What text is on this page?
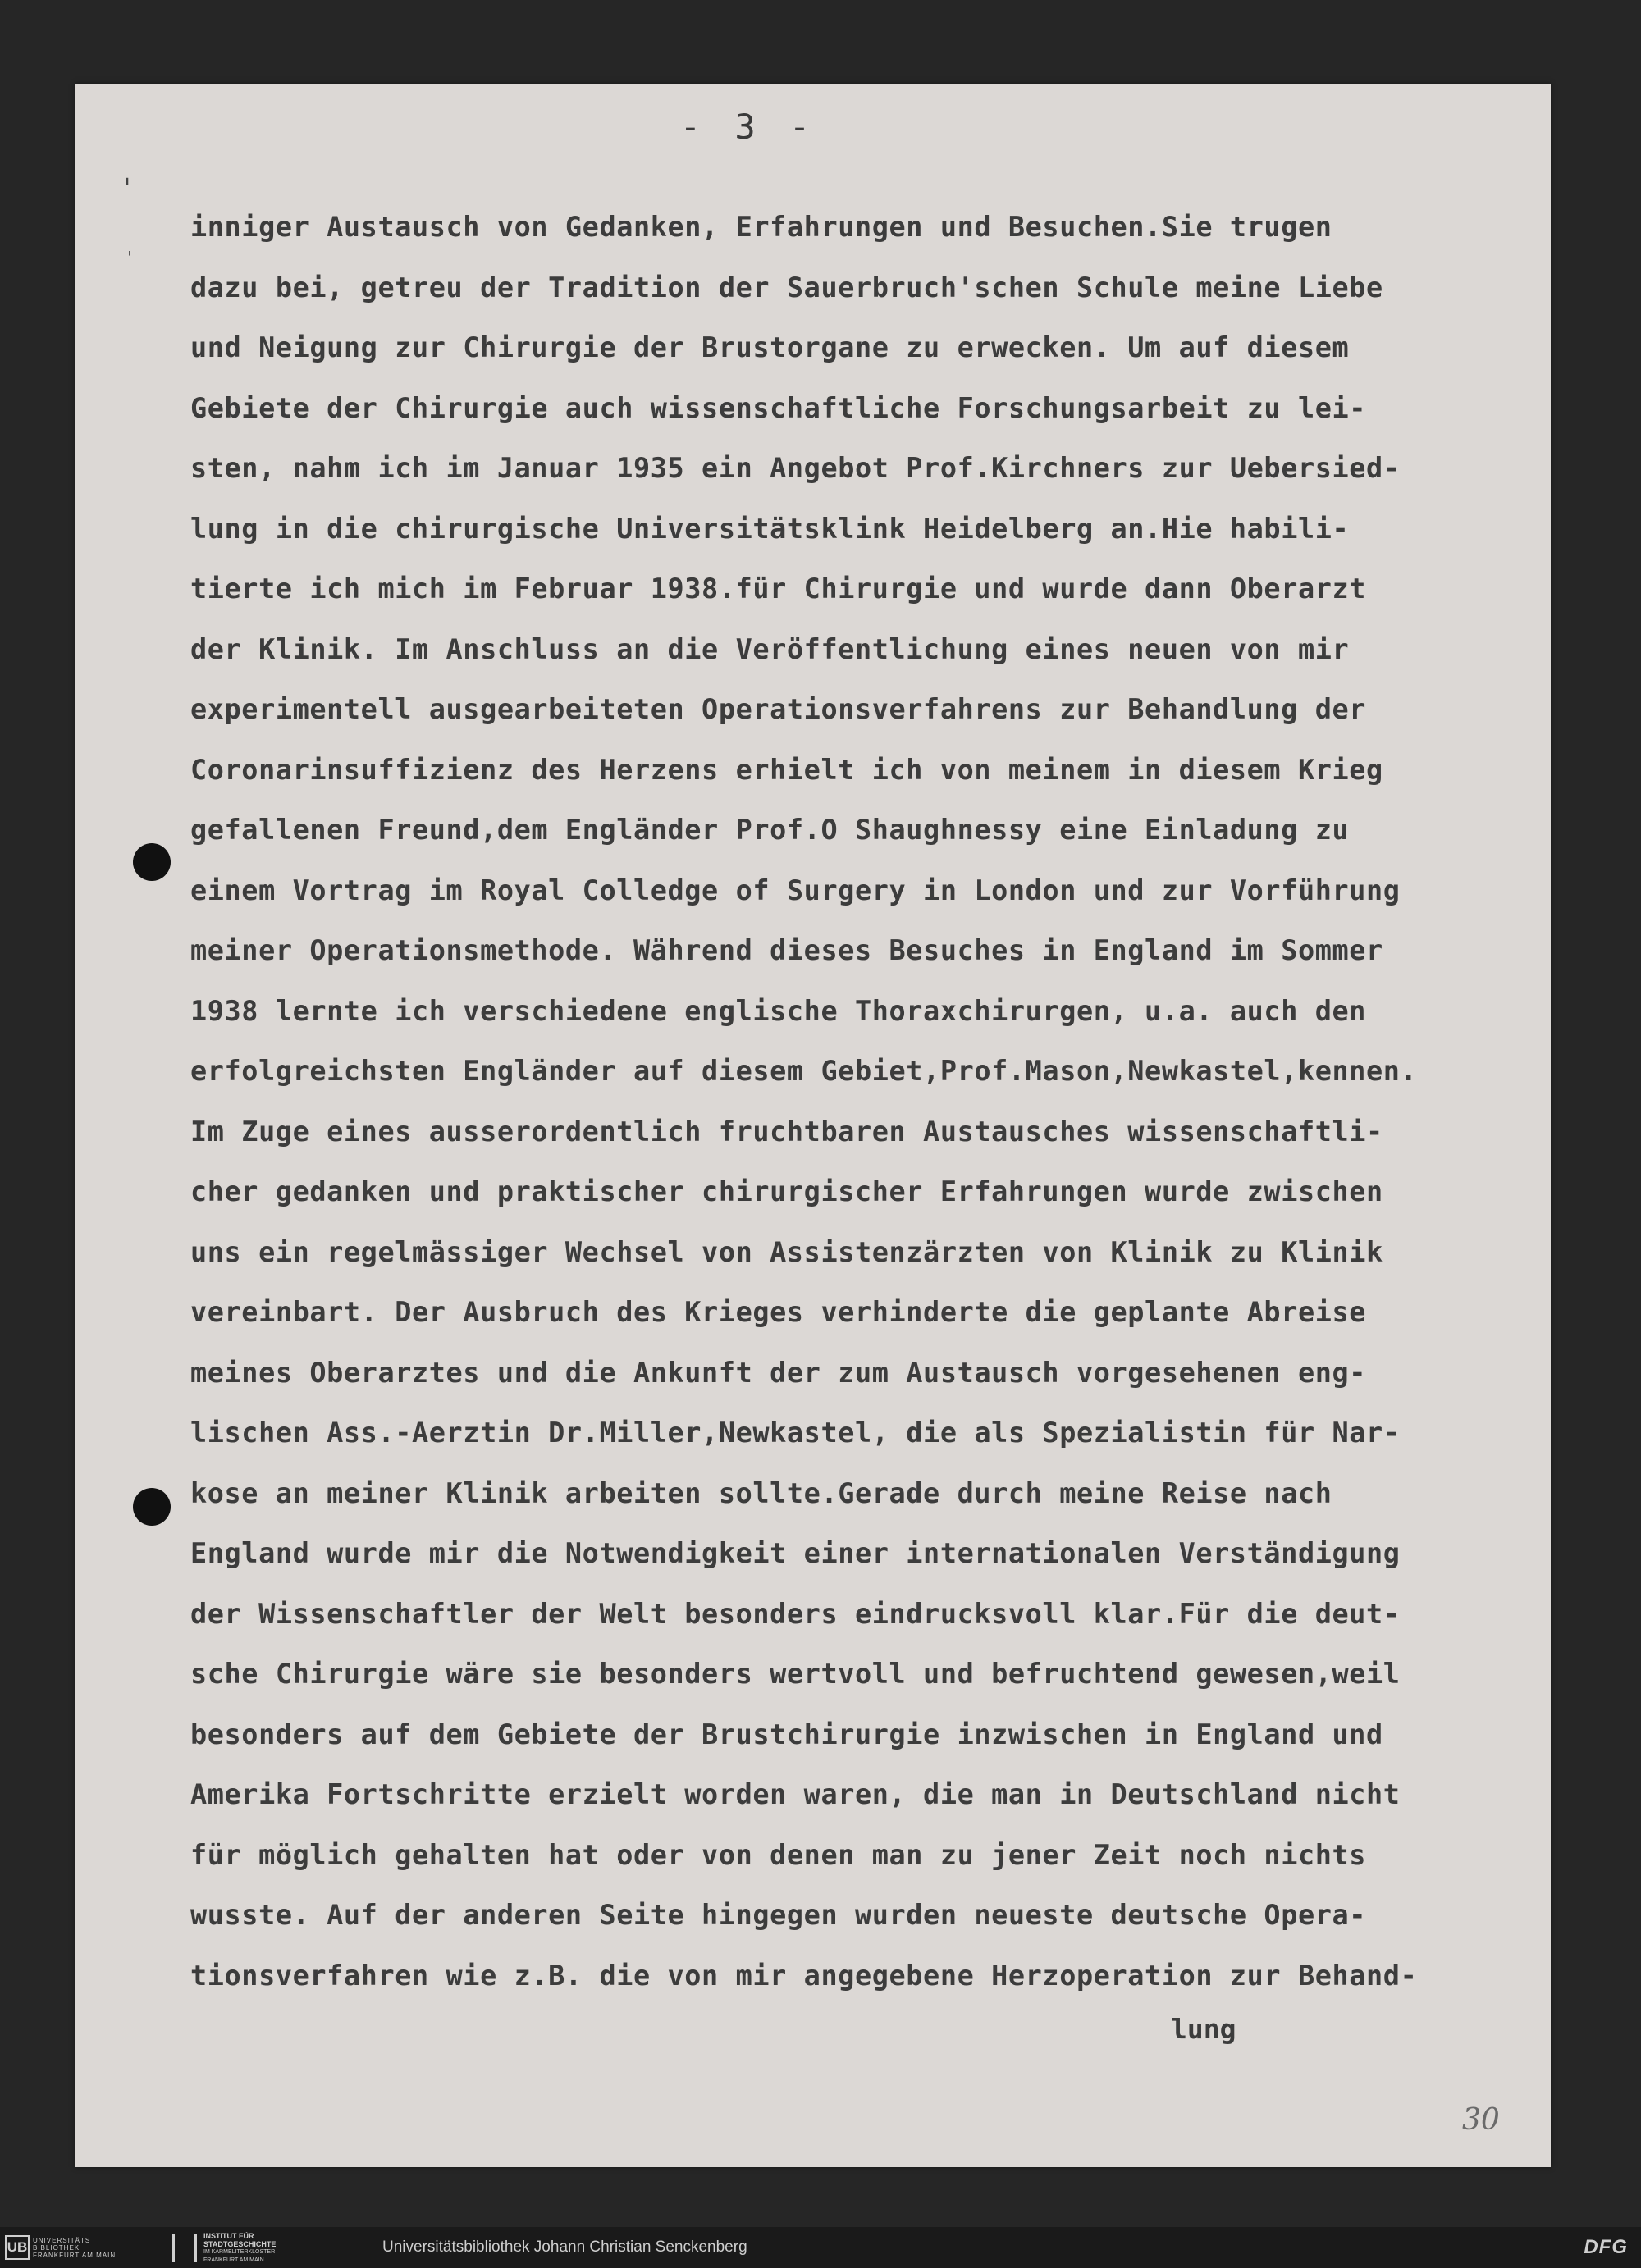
- 3 -
'
'
inniger Austausch von Gedanken, Erfahrungen und Besuchen.Sie trugen
dazu bei, getreu der Tradition der Sauerbruch'schen Schule meine Liebe
und Neigung zur Chirurgie der Brustorgane zu erwecken. Um auf diesem
Gebiete der Chirurgie auch wissenschaftliche Forschungsarbeit zu lei-
sten, nahm ich im Januar 1935 ein Angebot Prof.Kirchners zur Uebersied-
lung in die chirurgische Universitätsklink Heidelberg an.Hie habili-
tierte ich mich im Februar 1938.für Chirurgie und wurde dann Oberarzt
der Klinik. Im Anschluss an die Veröffentlichung eines neuen von mir
experimentell ausgearbeiteten Operationsverfahrens zur Behandlung der
Coronarinsuffizienz des Herzens erhielt ich von meinem in diesem Krieg
gefallenen Freund,dem Engländer Prof.O Shaughnessy eine Einladung zu
einem Vortrag im Royal Colledge of Surgery in London und zur Vorführung
meiner Operationsmethode. Während dieses Besuches in England im Sommer
1938 lernte ich verschiedene englische Thoraxchirurgen, u.a. auch den
erfolgreichsten Engländer auf diesem Gebiet,Prof.Mason,Newkastel,kennen.
Im Zuge eines ausserordentlich fruchtbaren Austausches wissenschaftli-
cher gedanken und praktischer chirurgischer Erfahrungen wurde zwischen
uns ein regelmässiger Wechsel von Assistenzärzten von Klinik zu Klinik
vereinbart. Der Ausbruch des Krieges verhinderte die geplante Abreise
meines Oberarztes und die Ankunft der zum Austausch vorgesehenen eng-
lischen Ass.-Aerztin Dr.Miller,Newkastel, die als Spezialistin für Nar-
kose an meiner Klinik arbeiten sollte.Gerade durch meine Reise nach
England wurde mir die Notwendigkeit einer internationalen Verständigung
der Wissenschaftler der Welt besonders eindrucksvoll klar.Für die deut-
sche Chirurgie wäre sie besonders wertvoll und befruchtend gewesen,weil
besonders auf dem Gebiete der Brustchirurgie inzwischen in England und
Amerika Fortschritte erzielt worden waren, die man in Deutschland nicht
für möglich gehalten hat oder von denen man zu jener Zeit noch nichts
wusste. Auf der anderen Seite hingegen wurden neueste deutsche Opera-
tionsverfahren wie z.B. die von mir angegebene Herzoperation zur Behand-
lung
30
UB UNIVERSITÄTS
BIBLIOTHEK
FRANKFURT AM MAIN
INSTITUT FÜR
STADTGESCHICHTE
IM KARMELITERKLOSTER
FRANKFURT AM MAIN
Universitätsbibliothek Johann Christian Senckenberg	DFG
